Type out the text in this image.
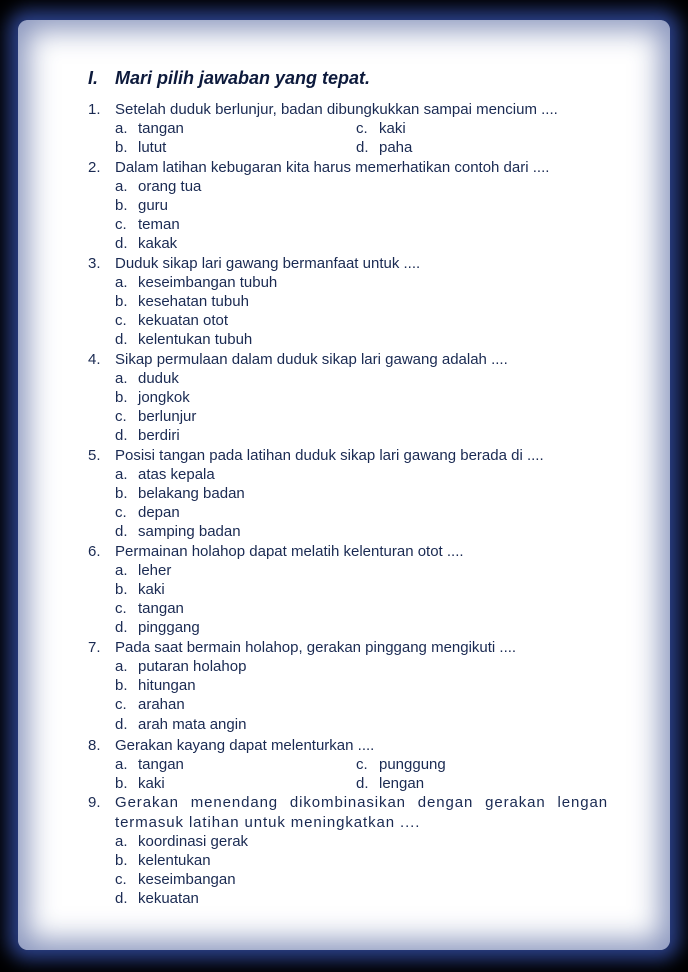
I. Mari pilih jawaban yang tepat.
1. Setelah duduk berlunjur, badan dibungkukkan sampai mencium ....
a. tangan	c. kaki
b. lutut	d. paha
2. Dalam latihan kebugaran kita harus memerhatikan contoh dari ....
a. orang tua
b. guru
c. teman
d. kakak
3. Duduk sikap lari gawang bermanfaat untuk ....
a. keseimbangan tubuh
b. kesehatan tubuh
c. kekuatan otot
d. kelentukan tubuh
4. Sikap permulaan dalam duduk sikap lari gawang adalah ....
a. duduk
b. jongkok
c. berlunjur
d. berdiri
5. Posisi tangan pada latihan duduk sikap lari gawang berada di ....
a. atas kepala
b. belakang badan
c. depan
d. samping badan
6. Permainan holahop dapat melatih kelenturan otot ....
a. leher
b. kaki
c. tangan
d. pinggang
7. Pada saat bermain holahop, gerakan pinggang mengikuti ....
a. putaran holahop
b. hitungan
c. arahan
d. arah mata angin
8. Gerakan kayang dapat melenturkan ....
a. tangan	c. punggung
b. kaki	d. lengan
9. Gerakan menendang dikombinasikan dengan gerakan lengan termasuk latihan untuk meningkatkan ....
a. koordinasi gerak
b. kelentukan
c. keseimbangan
d. kekuatan
